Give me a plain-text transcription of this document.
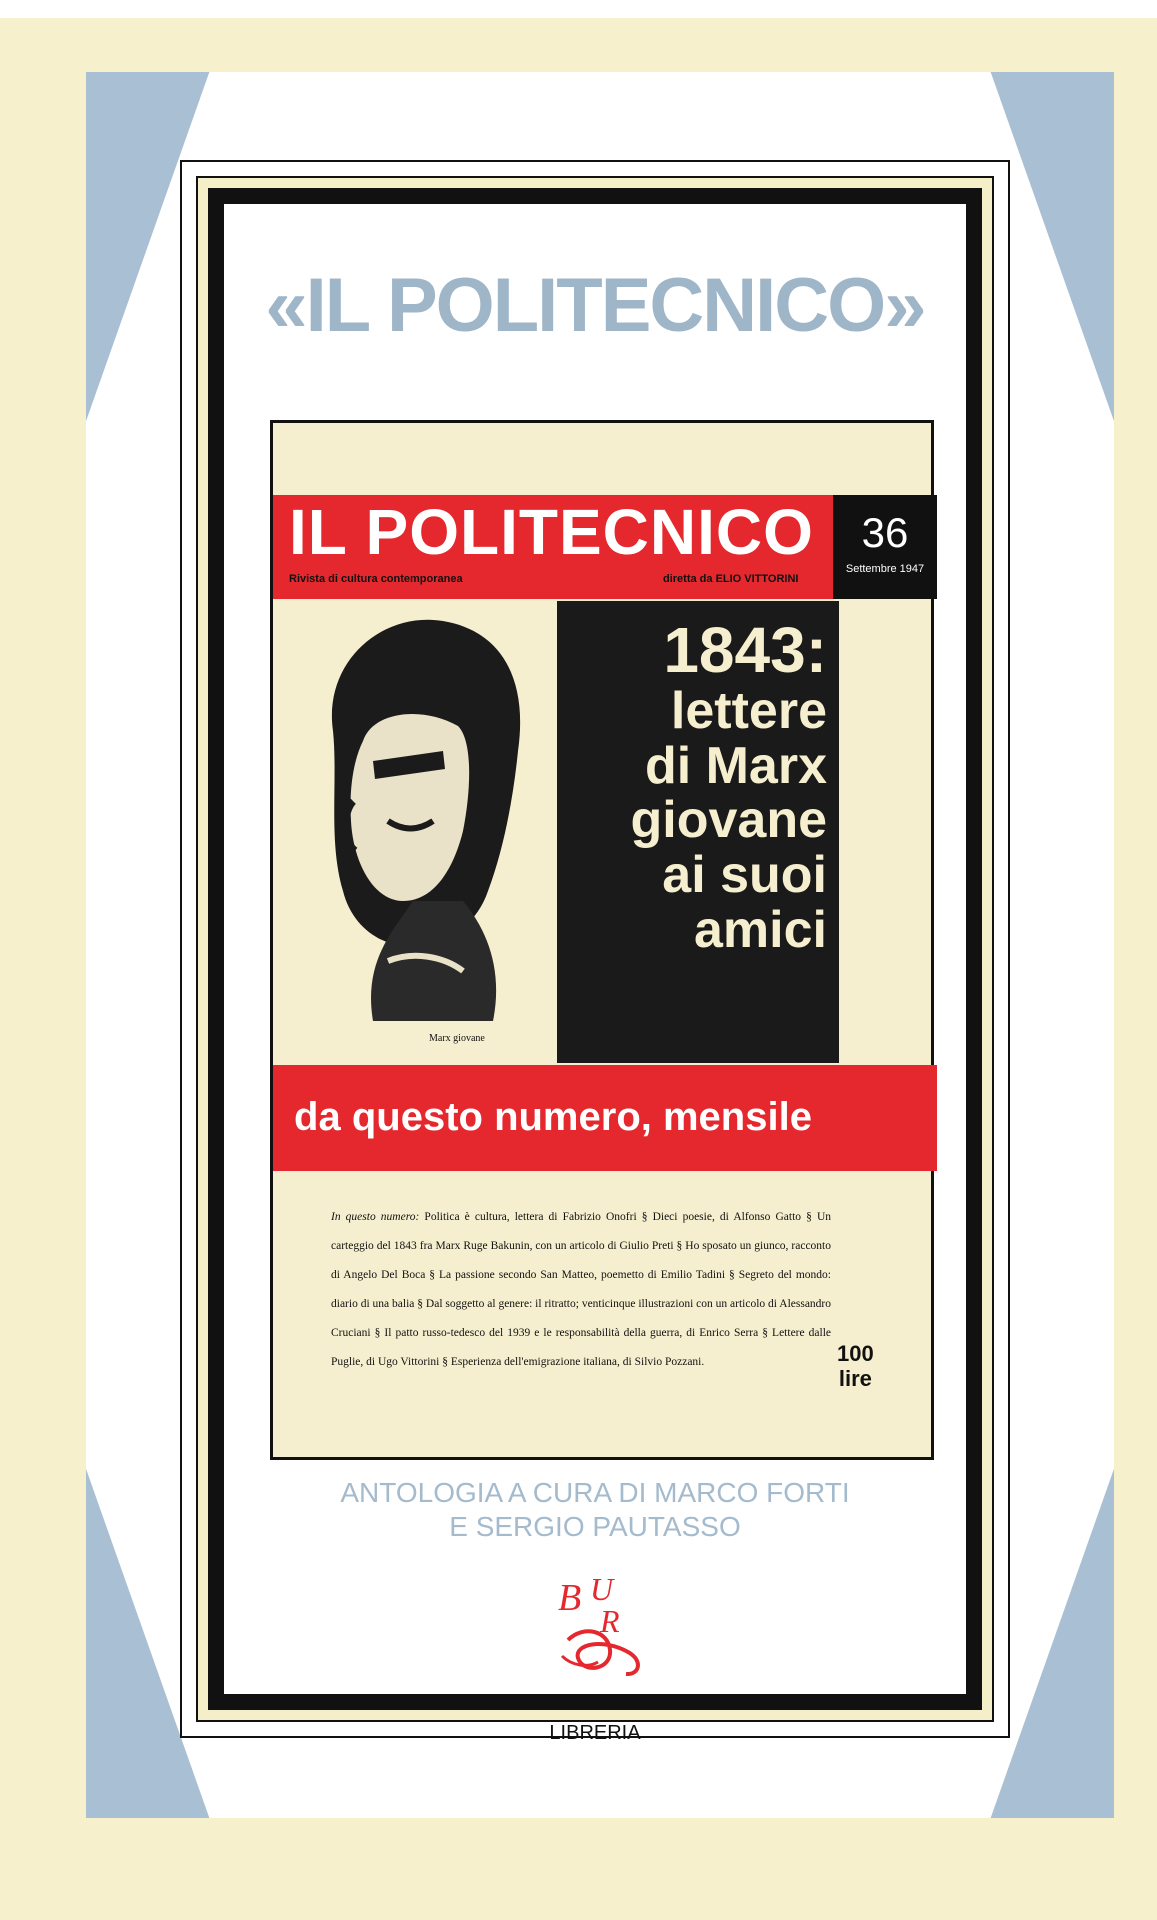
«IL POLITECNICO»
IL POLITECNICO
Rivista di cultura contemporanea	diretta da ELIO VITTORINI
36
Settembre 1947
Marx giovane
1843:
lettere
di Marx
giovane
ai suoi
amici
da questo numero, mensile
In questo numero: Politica è cultura, lettera di Fabrizio Onofri § Dieci poesie, di Alfonso Gatto § Un carteggio del 1843 fra Marx Ruge Bakunin, con un articolo di Giulio Preti § Ho sposato un giunco, racconto di Angelo Del Boca § La passione secondo San Matteo, poemetto di Emilio Tadini § Segreto del mondo: diario di una balia § Dal soggetto al genere: il ritratto; venticinque illustrazioni con un articolo di Alessandro Cruciani § Il patto russo-tedesco del 1939 e le responsabilità della guerra, di Enrico Serra § Lettere dalle Puglie, di Ugo Vittorini § Esperienza dell'emigrazione italiana, di Silvio Pozzani.	100
lire
ANTOLOGIA A CURA DI MARCO FORTI
E SERGIO PAUTASSO
B U
R
LIBRERIA
